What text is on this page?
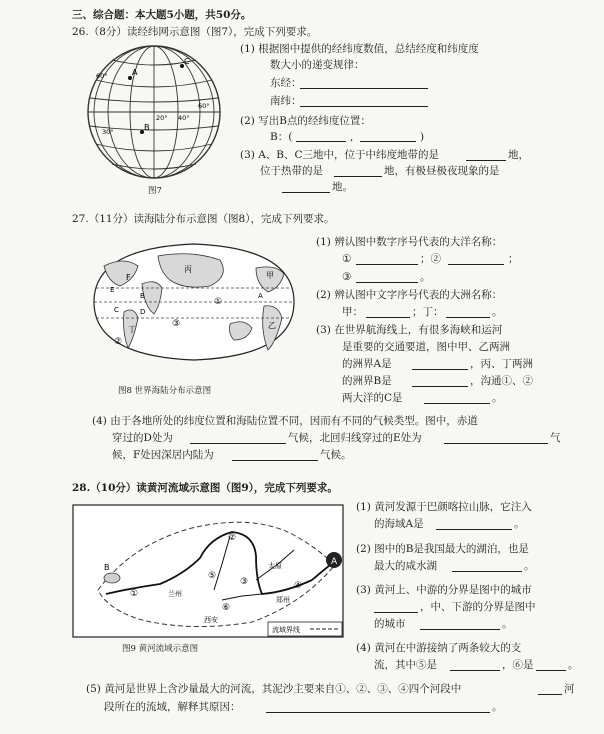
三、综合题：本大题5小题，共50分。
26.（8分）读经纬网示意图（图7），完成下列要求。
A
B
C
60°
30°
20° 40°
60°
图7
(1) 根据图中提供的经纬度数值，总结经度和纬度度
数大小的递变规律：
东经：
南纬：
(2) 写出B点的经纬度位置：
B：(	,	)
(3) A、B、C三地中，位于中纬度地带的是	地，
位于热带的是	地，有极昼极夜现象的是
地。
27.（11分）读海陆分布示意图（图8），完成下列要求。
F
丙
甲
丁	乙
E
A
B
C	D
①
②
③
图8 世界海陆分布示意图
(1) 辨认图中数字序号代表的大洋名称：
①	；②	；
③	。
(2) 辨认图中文字序号代表的大洲名称：
甲：	；丁：	。
(3) 在世界航海线上，有很多海峡和运河
是重要的交通要道，图中甲、乙两洲
的洲界A是	，丙、丁两洲
的洲界B是	，沟通①、②
两大洋的C是	。
(4) 由于各地所处的纬度位置和海陆位置不同，因而有不同的气候类型。图中，赤道
穿过的D处为	气候，北回归线穿过的E处为	气
候，F处因深居内陆为	气候。
28.（10分）读黄河流域示意图（图9），完成下列要求。
A
B
①
②
③	④
⑤
⑥
太原
郑州
兰州
西安
流域界线
图9 黄河流域示意图
(1) 黄河发源于巴颜喀拉山脉，它注入
的海域A是	。
(2) 图中的B是我国最大的湖泊，也是
最大的咸水湖	。
(3) 黄河上、中游的分界是图中的城市
，中、下游的分界是图中
的城市	。
(4) 黄河在中游接纳了两条较大的支
流，其中⑤是	，⑥是	。
(5) 黄河是世界上含沙量最大的河流，其泥沙主要来自①、②、③、④四个河段中	河
段所在的流域，解释其原因：	。
